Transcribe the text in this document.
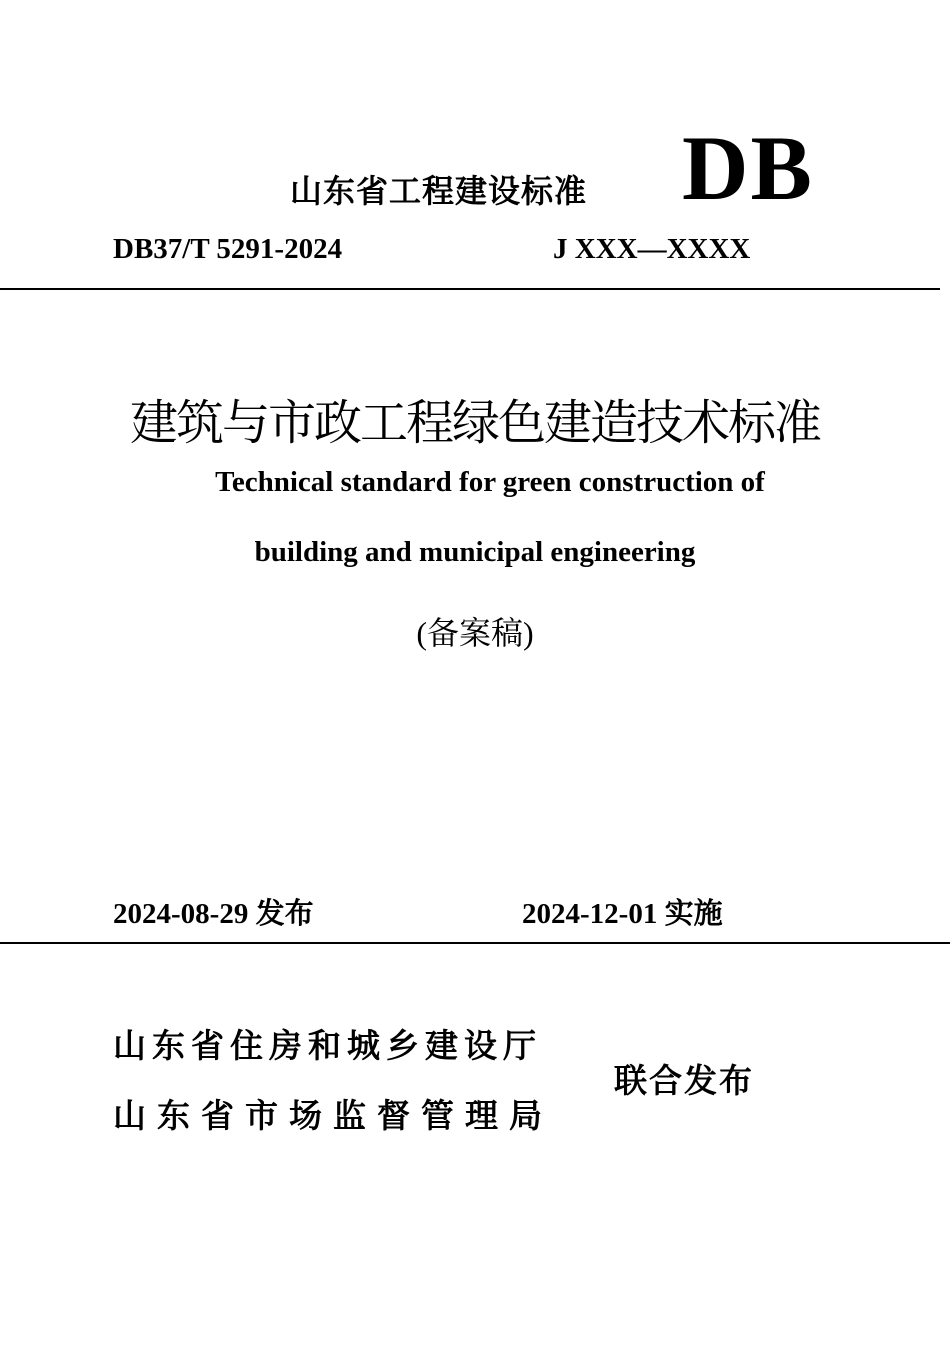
山东省工程建设标准 DB
DB37/T 5291-2024	J XXX—XXXX
建筑与市政工程绿色建造技术标准
Technical standard for green construction of
building and municipal engineering
(备案稿)
2024-08-29 发布	2024-12-01 实施
山东省住房和城乡建设厅
山东省市场监督管理局
联合发布
